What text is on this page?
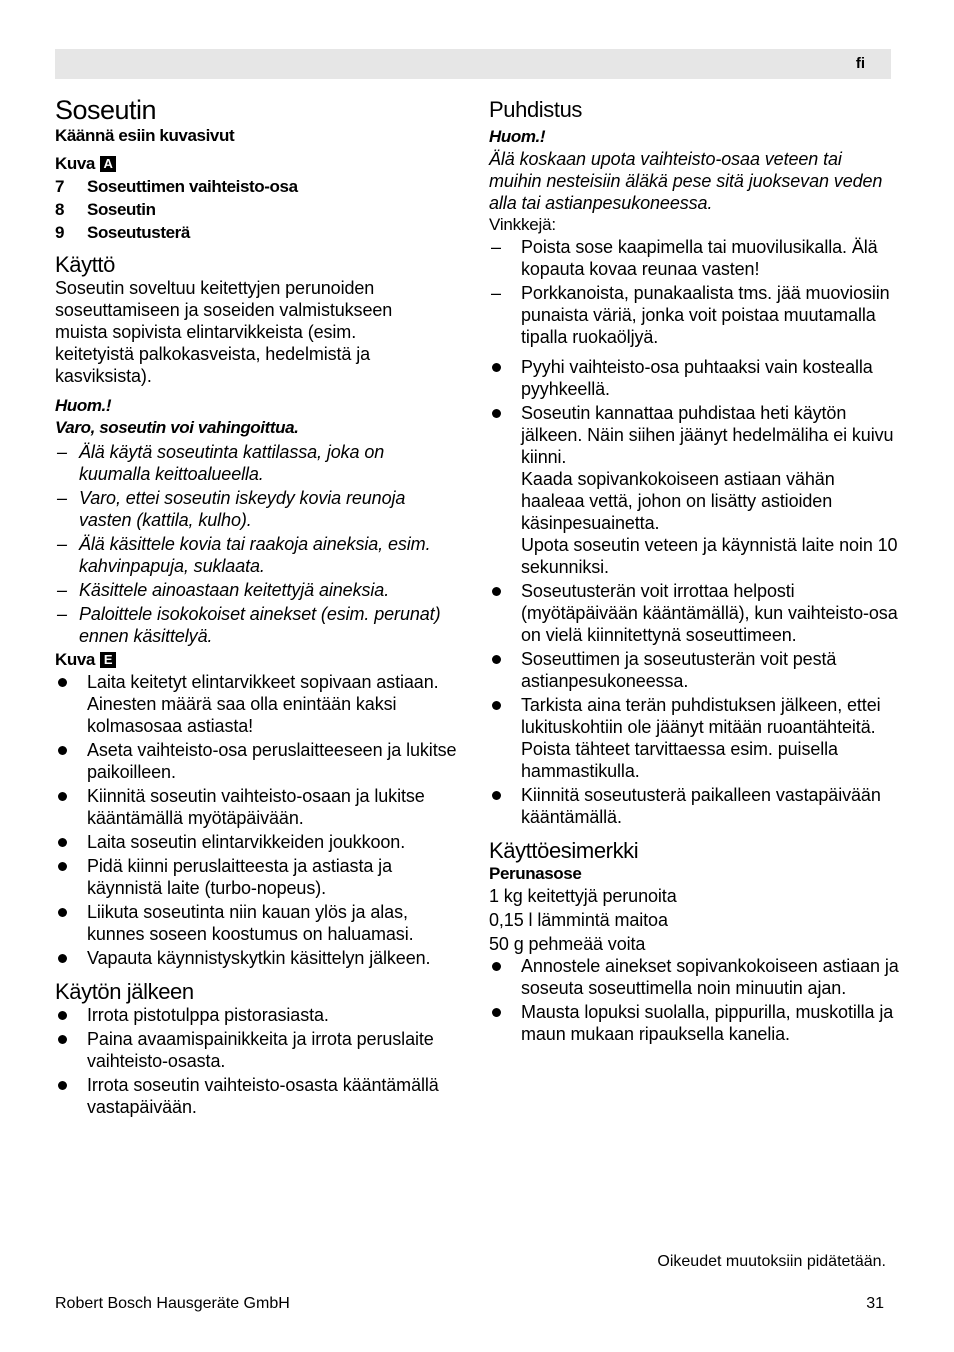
fi
Soseutin
Käännä esiin kuvasivut
Kuva A
7	Soseuttimen vaihteisto-osa
8	Soseutin
9	Soseutusterä
Käyttö

Soseutin soveltuu keitettyjen perunoiden soseuttamiseen ja soseiden valmistukseen muista sopivista elintarvikkeista (esim. keitetyistä palkokasveista, hedelmistä ja kasviksista).

Huom.!
Varo, soseutin voi vahingoittua.
– Älä käytä soseutinta kattilassa, joka on kuumalla keittoalueella.
– Varo, ettei soseutin iskeydy kovia reunoja vasten (kattila, kulho).
– Älä käsittele kovia tai raakoja aineksia, esim. kahvinpapuja, suklaata.
– Käsittele ainoastaan keitettyjä aineksia.
– Paloittele isokokoiset ainekset (esim. perunat) ennen käsittelyä.
Kuva E
Laita keitetyt elintarvikkeet sopivaan astiaan. Ainesten määrä saa olla enintään kaksi kolmasosaa astiasta!
Aseta vaihteisto-osa peruslaitteeseen ja lukitse paikoilleen.
Kiinnitä soseutin vaihteisto-osaan ja lukitse kääntämällä myötäpäivään.
Laita soseutin elintarvikkeiden joukkoon.
Pidä kiinni peruslaitteesta ja astiasta ja käynnistä laite (turbo-nopeus).
Liikuta soseutinta niin kauan ylös ja alas, kunnes soseen koostumus on haluamasi.
Vapauta käynnistyskytkin käsittelyn jälkeen.
Käytön jälkeen
Irrota pistotulppa pistorasiasta.
Paina avaamispainikkeita ja irrota peruslaite vaihteisto-osasta.
Irrota soseutin vaihteisto-osasta kääntämällä vastapäivään.
Puhdistus
Huom.!

Älä koskaan upota vaihteisto-osaa veteen tai muihin nesteisiin äläkä pese sitä juoksevan veden alla tai astianpesukoneessa.

Vinkkejä:
– Poista sose kaapimella tai muovilusikalla. Älä kopauta kovaa reunaa vasten!
– Porkkanoista, punakaalista tms. jää muoviosiin punaista väriä, jonka voit poistaa muutamalla tipalla ruokaöljyä.
Pyyhi vaihteisto-osa puhtaaksi vain kostealla pyyhkeellä.
Soseutin kannattaa puhdistaa heti käytön jälkeen. Näin siihen jäänyt hedelmäliha ei kuivu kiinni.
Kaada sopivankokoiseen astiaan vähän haaleaa vettä, johon on lisätty astioiden käsinpesuainetta.
Upota soseutin veteen ja käynnistä laite noin 10 sekunniksi.
Soseutusterän voit irrottaa helposti (myötäpäivään kääntämällä), kun vaihteisto-osa on vielä kiinnitettynä soseuttimeen.
Soseuttimen ja soseutusterän voit pestä astianpesukoneessa.
Tarkista aina terän puhdistuksen jälkeen, ettei lukituskohtiin ole jäänyt mitään ruoantähteitä. Poista tähteet tarvittaessa esim. puisella hammastikulla.
Kiinnitä soseutusterä paikalleen vastapäivään kääntämällä.
Käyttöesimerkki
Perunasose
1 kg keitettyjä perunoita
0,15 l lämmintä maitoa
50 g pehmeää voita
Annostele ainekset sopivankokoiseen astiaan ja soseuta soseuttimella noin minuutin ajan.
Mausta lopuksi suolalla, pippurilla, muskotilla ja maun mukaan ripauksella kanelia.
Oikeudet muutoksiin pidätetään.
Robert Bosch Hausgeräte GmbH	31
